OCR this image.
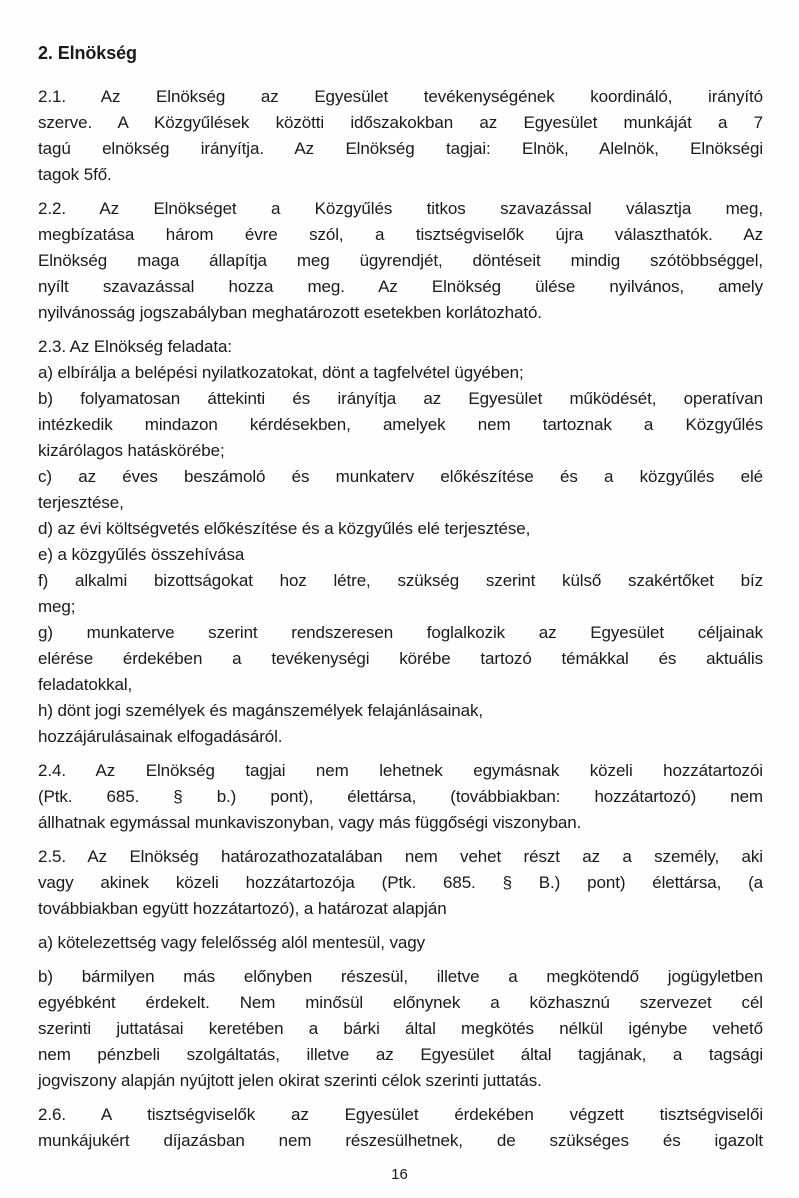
2. Elnökség
2.1. Az Elnökség az Egyesület tevékenységének koordináló, irányító
szerve. A Közgyűlések közötti időszakokban az Egyesület munkáját a 7
tagú elnökség irányítja. Az Elnökség tagjai: Elnök, Alelnök, Elnökségi
tagok 5fő.
2.2. Az Elnökséget a Közgyűlés titkos szavazással választja meg,
megbízatása három évre szól, a tisztségviselők újra választhatók. Az
Elnökség maga állapítja meg ügyrendjét, döntéseit mindig szótöbbséggel,
nyílt szavazással hozza meg. Az Elnökség ülése nyilvános, amely
nyilvánosság jogszabályban meghatározott esetekben korlátozható.
2.3. Az Elnökség feladata:
a) elbírálja a belépési nyilatkozatokat, dönt a tagfelvétel ügyében;
b) folyamatosan áttekinti és irányítja az Egyesület működését, operatívan
intézkedik mindazon kérdésekben, amelyek nem tartoznak a Közgyűlés
kizárólagos hatáskörébe;
c) az éves beszámoló és munkaterv előkészítése és a közgyűlés elé
terjesztése,
d) az évi költségvetés előkészítése és a közgyűlés elé terjesztése,
e) a közgyűlés összehívása
f) alkalmi bizottságokat hoz létre, szükség szerint külső szakértőket bíz
meg;
g) munkaterve szerint rendszeresen foglalkozik az Egyesület céljainak
elérése érdekében a tevékenységi körébe tartozó témákkal és aktuális
feladatokkal,
h) dönt jogi személyek és magánszemélyek felajánlásainak,
hozzájárulásainak elfogadásáról.
2.4. Az Elnökség tagjai nem lehetnek egymásnak közeli hozzátartozói
(Ptk. 685. § b.) pont), élettársa, (továbbiakban: hozzátartozó) nem
állhatnak egymással munkaviszonyban, vagy más függőségi viszonyban.
2.5. Az Elnökség határozathozatalában nem vehet részt az a személy, aki
vagy akinek közeli hozzátartozója (Ptk. 685. § B.) pont) élettársa, (a
továbbiakban együtt hozzátartozó), a határozat alapján
a) kötelezettség vagy felelősség alól mentesül, vagy
b) bármilyen más előnyben részesül, illetve a megkötendő jogügyletben
egyébként érdekelt. Nem minősül előnynek a közhasznú szervezet cél
szerinti juttatásai keretében a bárki által megkötés nélkül igénybe vehető
nem pénzbeli szolgáltatás, illetve az Egyesület által tagjának, a tagsági
jogviszony alapján nyújtott jelen okirat szerinti célok szerinti juttatás.
2.6. A tisztségviselők az Egyesület érdekében végzett tisztségviselői
munkájukért díjazásban nem részesülhetnek, de szükséges és igazolt
16
